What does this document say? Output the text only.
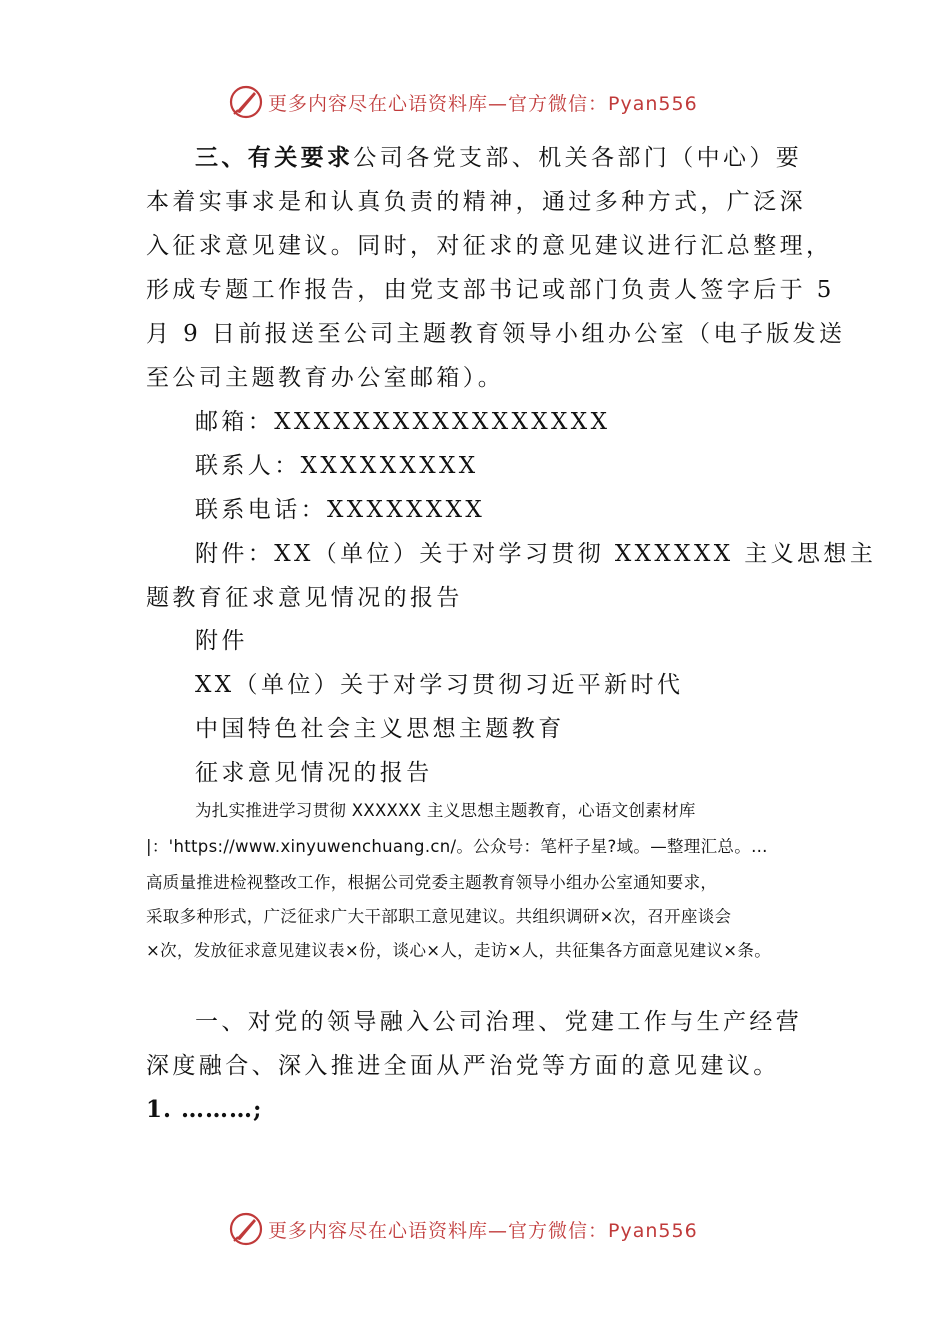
更多内容尽在心语资料库—官方微信：Pyan556
三、有关要求公司各党支部、机关各部门（中心）要
本着实事求是和认真负责的精神，通过多种方式，广泛深
入征求意见建议。同时，对征求的意见建议进行汇总整理，
形成专题工作报告，由党支部书记或部门负责人签字后于 5
月 9 日前报送至公司主题教育领导小组办公室（电子版发送
至公司主题教育办公室邮箱）。
邮箱：XXXXXXXXXXXXXXXXX
联系人：XXXXXXXXX
联系电话：XXXXXXXX
附件：XX（单位）关于对学习贯彻 XXXXXX 主义思想主
题教育征求意见情况的报告
附件
XX（单位）关于对学习贯彻习近平新时代
中国特色社会主义思想主题教育
征求意见情况的报告
为扎实推进学习贯彻 XXXXXX 主义思想主题教育，心语文创素材库
|：'https://www.xinyuwenchuang.cn/。公众号：笔杆子星?域。—整理汇总。…
高质量推进检视整改工作，根据公司党委主题教育领导小组办公室通知要求，
采取多种形式，广泛征求广大干部职工意见建议。共组织调研×次，召开座谈会
×次，发放征求意见建议表×份，谈心×人，走访×人，共征集各方面意见建议×条。
一、对党的领导融入公司治理、党建工作与生产经营
深度融合、深入推进全面从严治党等方面的意见建议。
1. ………;
更多内容尽在心语资料库—官方微信：Pyan556
